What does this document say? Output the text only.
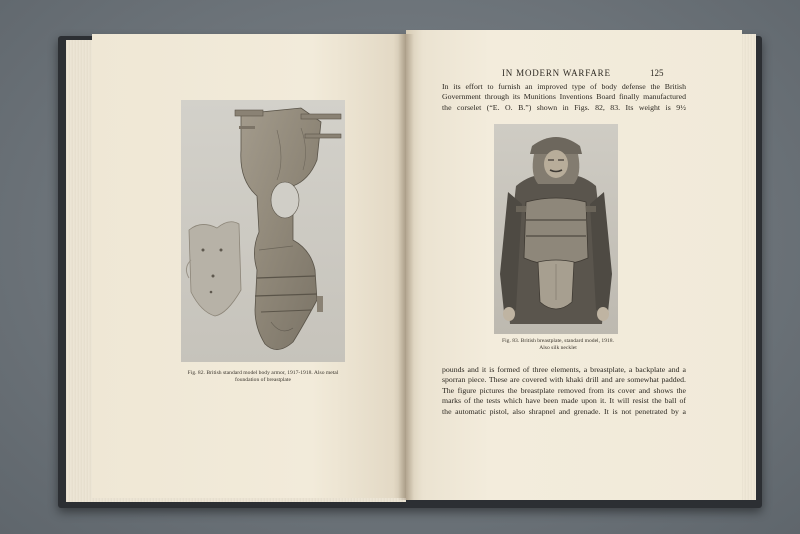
Fig. 82. British standard model body armor, 1917-1918. Also metal
foundation of breastplate
IN MODERN WARFARE	125
In its effort to furnish an improved type of body defense the British
Government through its Munitions Inventions Board finally manufactured
the corselet (“E. O. B.”) shown in Figs. 82, 83. Its weight is 9½
Fig. 83. British breastplate, standard model, 1918.
Also silk necklet
pounds and it is formed of three elements, a breastplate, a backplate and a
sporran piece. These are covered with khaki drill and are somewhat padded.
The figure pictures the breastplate removed from its cover and shows the
marks of the tests which have been made upon it. It will resist the ball of
the automatic pistol, also shrapnel and grenade. It is not penetrated by a
